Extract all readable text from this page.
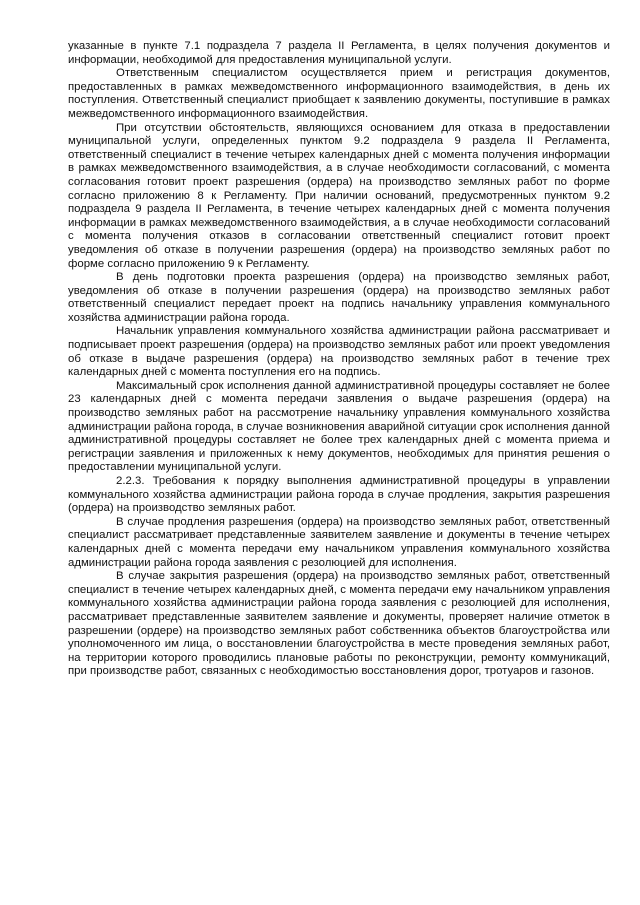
указанные в пункте 7.1 подраздела 7 раздела II Регламента, в целях получения документов и информации, необходимой для предоставления муниципальной услуги.

Ответственным специалистом осуществляется прием и регистрация документов, предоставленных в рамках межведомственного информационного взаимодействия, в день их поступления. Ответственный специалист приобщает к заявлению документы, поступившие в рамках межведомственного информационного взаимодействия.

При отсутствии обстоятельств, являющихся основанием для отказа в предоставлении муниципальной услуги, определенных пунктом 9.2 подраздела 9 раздела II Регламента, ответственный специалист в течение четырех календарных дней с момента получения информации в рамках межведомственного взаимодействия, а в случае необходимости согласований, с момента согласования готовит проект разрешения (ордера) на производство земляных работ по форме согласно приложению 8 к Регламенту. При наличии оснований, предусмотренных пунктом 9.2 подраздела 9 раздела II Регламента, в течение четырех календарных дней с момента получения информации в рамках межведомственного взаимодействия, а в случае необходимости согласований с момента получения отказов в согласовании ответственный специалист готовит проект уведомления об отказе в получении разрешения (ордера) на производство земляных работ по форме согласно приложению 9 к Регламенту.

В день подготовки проекта разрешения (ордера) на производство земляных работ, уведомления об отказе в получении разрешения (ордера) на производство земляных работ ответственный специалист передает проект на подпись начальнику управления коммунального хозяйства администрации района города.

Начальник управления коммунального хозяйства администрации района рассматривает и подписывает проект разрешения (ордера) на производство земляных работ или проект уведомления об отказе в выдаче разрешения (ордера) на производство земляных работ в течение трех календарных дней с момента поступления его на подпись.

Максимальный срок исполнения данной административной процедуры составляет не более 23 календарных дней с момента передачи заявления о выдаче разрешения (ордера) на производство земляных работ на рассмотрение начальнику управления коммунального хозяйства администрации района города, в случае возникновения аварийной ситуации срок исполнения данной административной процедуры составляет не более трех календарных дней с момента приема и регистрации заявления и приложенных к нему документов, необходимых для принятия решения о предоставлении муниципальной услуги.

2.2.3. Требования к порядку выполнения административной процедуры в управлении коммунального хозяйства администрации района города в случае продления, закрытия разрешения (ордера) на производство земляных работ.

В случае продления разрешения (ордера) на производство земляных работ, ответственный специалист рассматривает представленные заявителем заявление и документы в течение четырех календарных дней с момента передачи ему начальником управления коммунального хозяйства администрации района города заявления с резолюцией для исполнения.

В случае закрытия разрешения (ордера) на производство земляных работ, ответственный специалист в течение четырех календарных дней, с момента передачи ему начальником управления коммунального хозяйства администрации района города заявления с резолюцией для исполнения, рассматривает представленные заявителем заявление и документы, проверяет наличие отметок в разрешении (ордере) на производство земляных работ собственника объектов благоустройства или уполномоченного им лица, о восстановлении благоустройства в месте проведения земляных работ, на территории которого проводились плановые работы по реконструкции, ремонту коммуникаций, при производстве работ, связанных с необходимостью восстановления дорог, тротуаров и газонов.
